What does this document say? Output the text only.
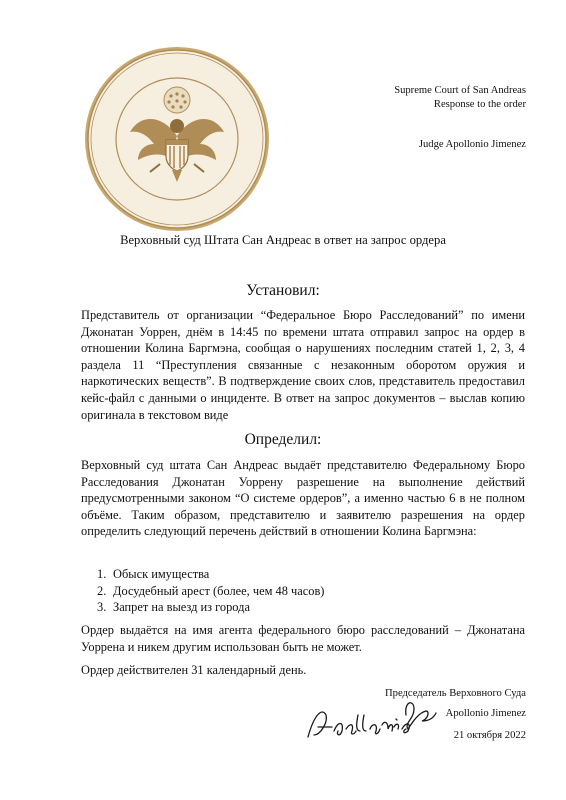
Supreme Court of San Andreas
Response to the order
Judge Apollonio Jimenez
Верховный суд Штата Сан Андреас в ответ на запрос ордера
Установил:
Представитель от организации “Федеральное Бюро Расследований” по имени Джонатан Уоррен, днём в 14:45 по времени штата отправил запрос на ордер в отношении Колина Баргмэна, сообщая о нарушениях последним статей 1, 2, 3, 4 раздела 11 “Преступления связанные с незаконным оборотом оружия и наркотических веществ”. В подтверждение своих слов, представитель предоставил кейс-файл с данными о инциденте. В ответ на запрос документов – выслав копию оригинала в текстовом виде
Определил:
Верховный суд штата Сан Андреас выдаёт представителю Федеральному Бюро Расследования Джонатан Уоррену разрешение на выполнение действий предусмотренными законом “О системе ордеров”, а именно частью 6 в не полном объёме. Таким образом, представителю и заявителю разрешения на ордер определить следующий перечень действий в отношении Колина Баргмэна:
1. Обыск имущества
2. Досудебный арест (более, чем 48 часов)
3. Запрет на выезд из города
Ордер выдаётся на имя агента федерального бюро расследований – Джонатана Уоррена и никем другим использован быть не может.
Ордер действителен 31 календарный день.
Председатель Верховного Суда
Apollonio Jimenez
21 октября 2022
